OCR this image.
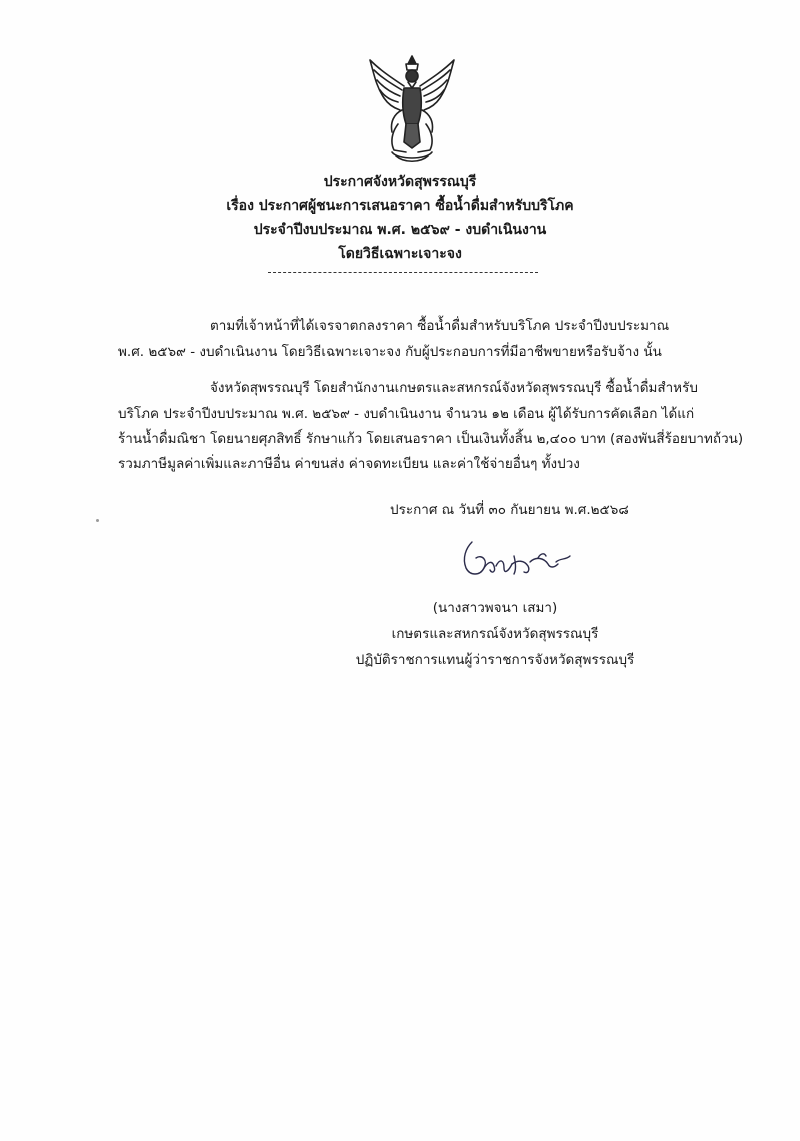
ประกาศจังหวัดสุพรรณบุรี
เรื่อง ประกาศผู้ชนะการเสนอราคา ซื้อน้ำดื่มสำหรับบริโภค
ประจำปีงบประมาณ พ.ศ. ๒๕๖๙ - งบดำเนินงาน
โดยวิธีเฉพาะเจาะจง
ตามที่เจ้าหน้าที่ได้เจรจาตกลงราคา ซื้อน้ำดื่มสำหรับบริโภค ประจำปีงบประมาณ
พ.ศ. ๒๕๖๙ - งบดำเนินงาน โดยวิธีเฉพาะเจาะจง กับผู้ประกอบการที่มีอาชีพขายหรือรับจ้าง นั้น
จังหวัดสุพรรณบุรี โดยสำนักงานเกษตรและสหกรณ์จังหวัดสุพรรณบุรี ซื้อน้ำดื่มสำหรับ
บริโภค ประจำปีงบประมาณ พ.ศ. ๒๕๖๙ - งบดำเนินงาน จำนวน ๑๒ เดือน ผู้ได้รับการคัดเลือก ได้แก่
ร้านน้ำดื่มณิชา โดยนายศุภสิทธิ์ รักษาแก้ว โดยเสนอราคา เป็นเงินทั้งสิ้น ๒,๔๐๐ บาท (สองพันสี่ร้อยบาทถ้วน)
รวมภาษีมูลค่าเพิ่มและภาษีอื่น ค่าขนส่ง ค่าจดทะเบียน และค่าใช้จ่ายอื่นๆ ทั้งปวง
ประกาศ ณ วันที่ ๓๐ กันยายน พ.ศ.๒๕๖๘
(นางสาวพจนา เสมา)
เกษตรและสหกรณ์จังหวัดสุพรรณบุรี
ปฏิบัติราชการแทนผู้ว่าราชการจังหวัดสุพรรณบุรี
